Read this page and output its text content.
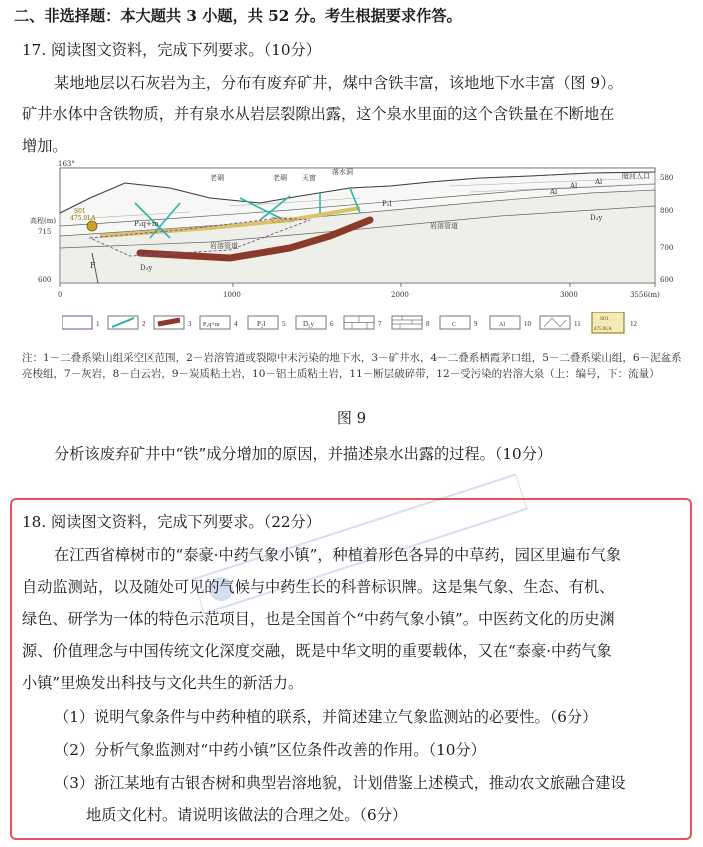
二、非选择题：本大题共 3 小题，共 52 分。考生根据要求作答。
17. 阅读图文资料，完成下列要求。（10分）
某地地层以石灰岩为主，分布有废弃矿井，煤中含铁丰富，该地地下水丰富（图 9）。
矿井水体中含铁物质，并有泉水从岩层裂隙出露，这个泉水里面的这个含铁量在不断地在
增加。
163°
高程(m)
715
600
580
800
700
600
0	1000	2000	3000	3556(m)
475.0LA
S01
F
老硐	老硐 天窗
落水洞	暗河入口
P₂q+m
P₂l
D₃y
D₃y
岩溶管道
岩溶管道
老空区水
Al	Al
Al
1	2	3 P₂q+m 4	P₂l 5	D₃y 6	7	8	C	9	Al	10	11
S01
475.0LA
12
注：1－二叠系梁山组采空区范围，2－岩溶管道或裂隙中未污染的地下水，3－矿井水，4－二叠系栖霞茅口组，5－二叠系梁山组，6－泥盆系亮梭组，7－灰岩，8－白云岩，9－炭质粘土岩，10－铝土质粘土岩，11－断层破碎带，12－受污染的岩溶大泉（上：编号，下：流量）
图 9
分析该废弃矿井中“铁”成分增加的原因，并描述泉水出露的过程。（10分）
18. 阅读图文资料，完成下列要求。（22分）
在江西省樟树市的“泰豪·中药气象小镇”，种植着形色各异的中草药，园区里遍布气象
自动监测站，以及随处可见的气候与中药生长的科普标识牌。这是集气象、生态、有机、
绿色、研学为一体的特色示范项目，也是全国首个“中药气象小镇”。中医药文化的历史渊
源、价值理念与中国传统文化深度交融，既是中华文明的重要载体，又在“泰豪·中药气象
小镇”里焕发出科技与文化共生的新活力。
（1）说明气象条件与中药种植的联系，并简述建立气象监测站的必要性。（6分）
（2）分析气象监测对“中药小镇”区位条件改善的作用。（10分）
（3）浙江某地有古银杏树和典型岩溶地貌，计划借鉴上述模式，推动农文旅融合建设
地质文化村。请说明该做法的合理之处。（6分）
